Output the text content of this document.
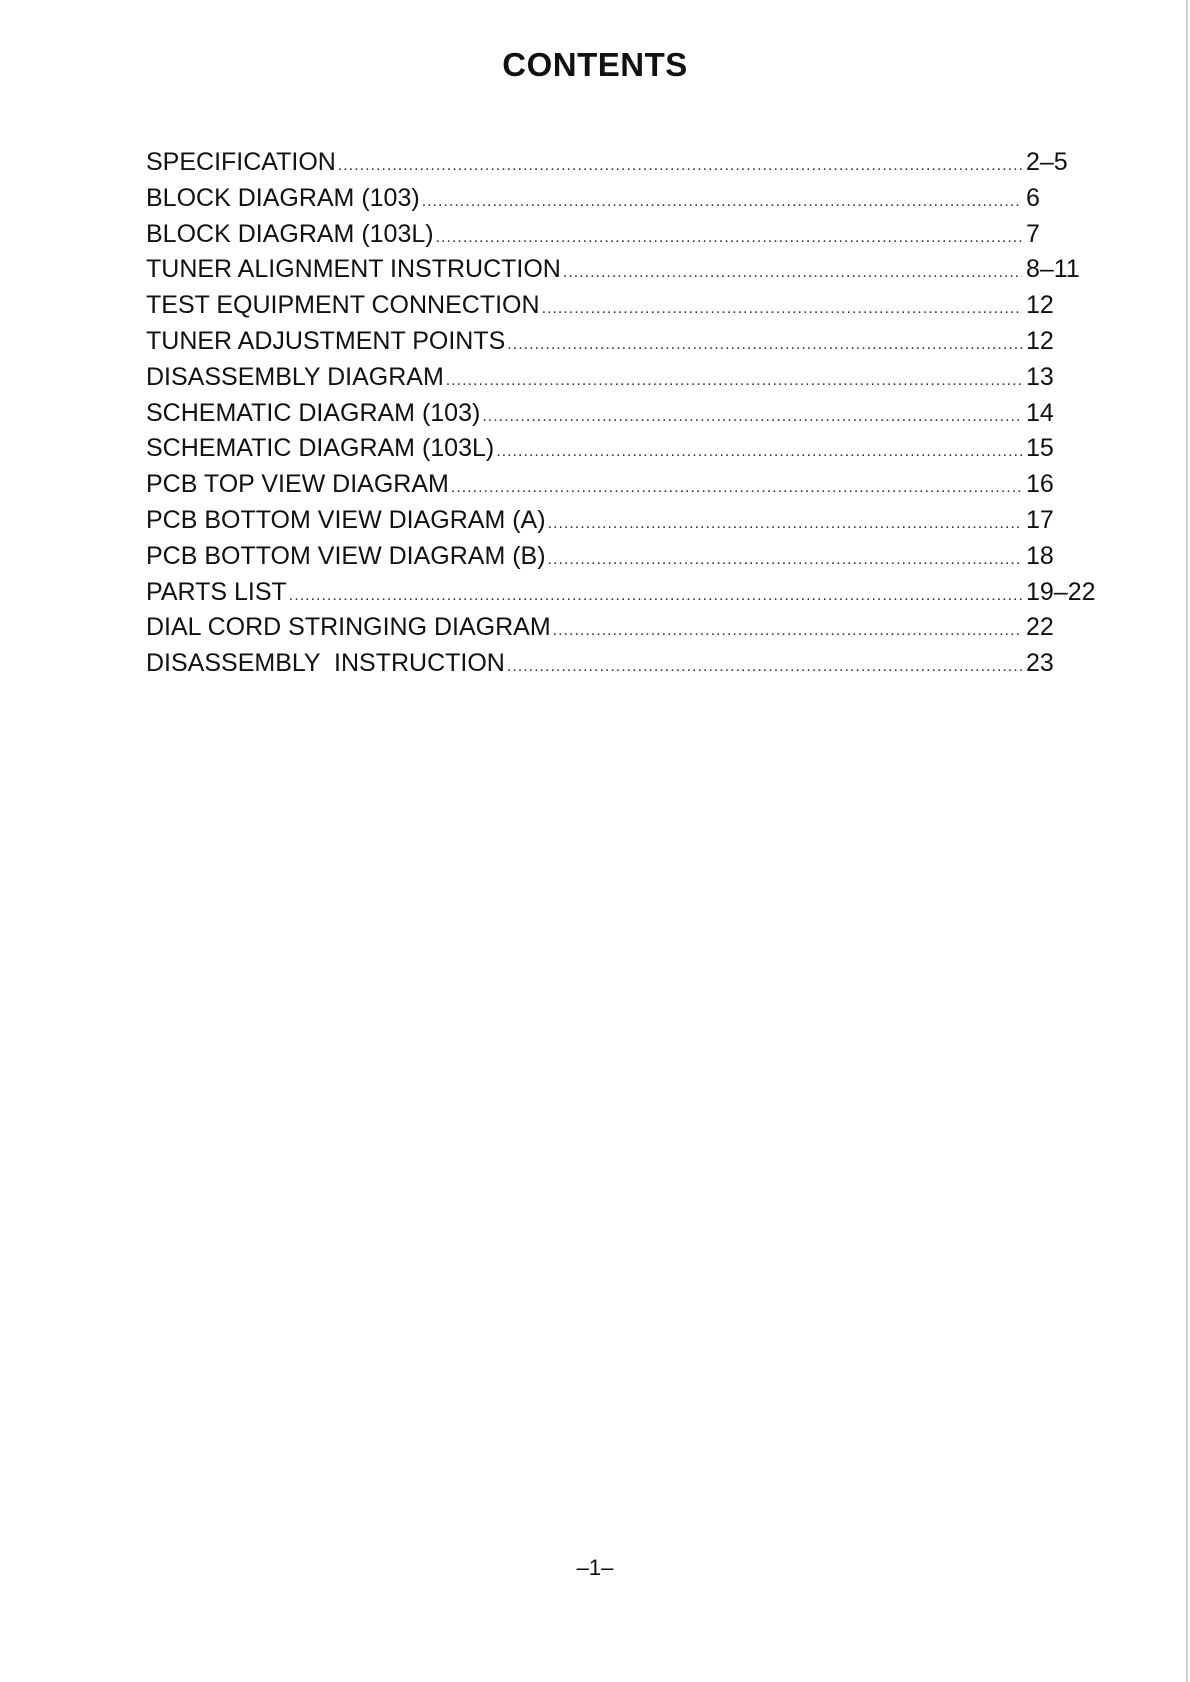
CONTENTS
SPECIFICATION .....	2–5
BLOCK DIAGRAM (103) .....	6
BLOCK DIAGRAM (103L) .....	7
TUNER ALIGNMENT INSTRUCTION .....	8–11
TEST EQUIPMENT CONNECTION .....	12
TUNER ADJUSTMENT POINTS .....	12
DISASSEMBLY DIAGRAM .....	13
SCHEMATIC DIAGRAM (103) .....	14
SCHEMATIC DIAGRAM (103L) .....	15
PCB TOP VIEW DIAGRAM .....	16
PCB BOTTOM VIEW DIAGRAM (A) .....	17
PCB BOTTOM VIEW DIAGRAM (B) .....	18
PARTS LIST .....	19–22
DIAL CORD STRINGING DIAGRAM .....	22
DISASSEMBLY  INSTRUCTION .....	23

–1–
